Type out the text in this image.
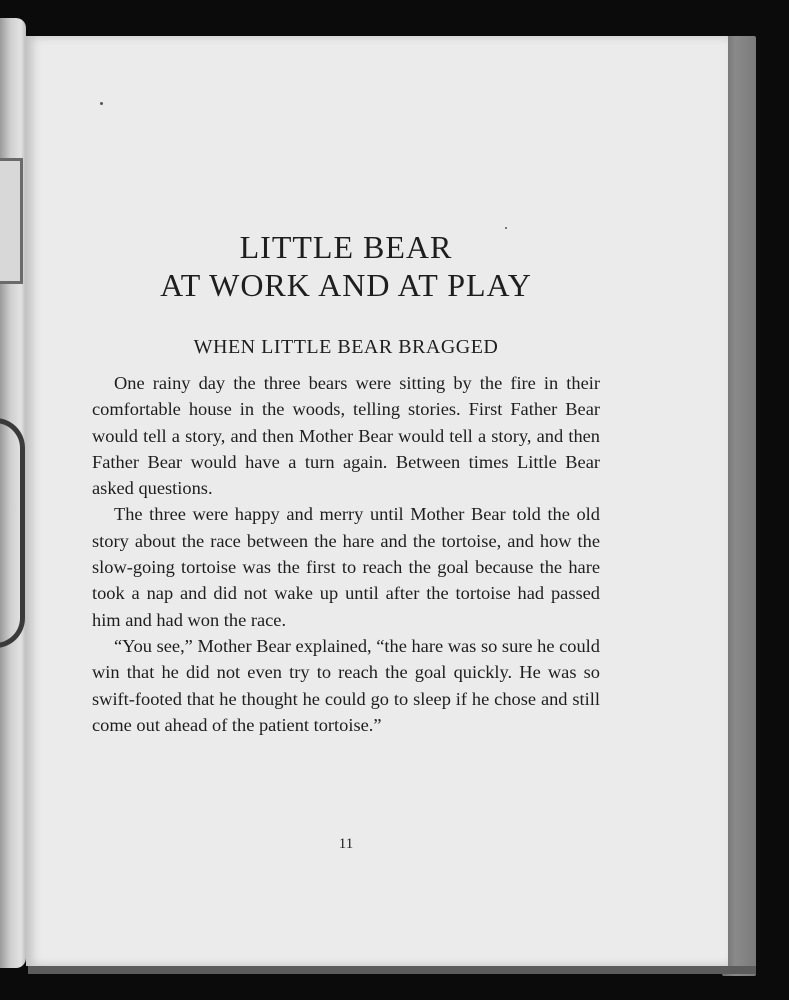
LITTLE BEAR
AT WORK AND AT PLAY
WHEN LITTLE BEAR BRAGGED

One rainy day the three bears were sitting by the fire in their comfortable house in the woods, telling stories. First Father Bear would tell a story, and then Mother Bear would tell a story, and then Father Bear would have a turn again. Between times Little Bear asked questions.

The three were happy and merry until Mother Bear told the old story about the race between the hare and the tortoise, and how the slow-going tortoise was the first to reach the goal because the hare took a nap and did not wake up until after the tortoise had passed him and had won the race.

“You see,” Mother Bear explained, “the hare was so sure he could win that he did not even try to reach the goal quickly. He was so swift-footed that he thought he could go to sleep if he chose and still come out ahead of the patient tortoise.”

11
